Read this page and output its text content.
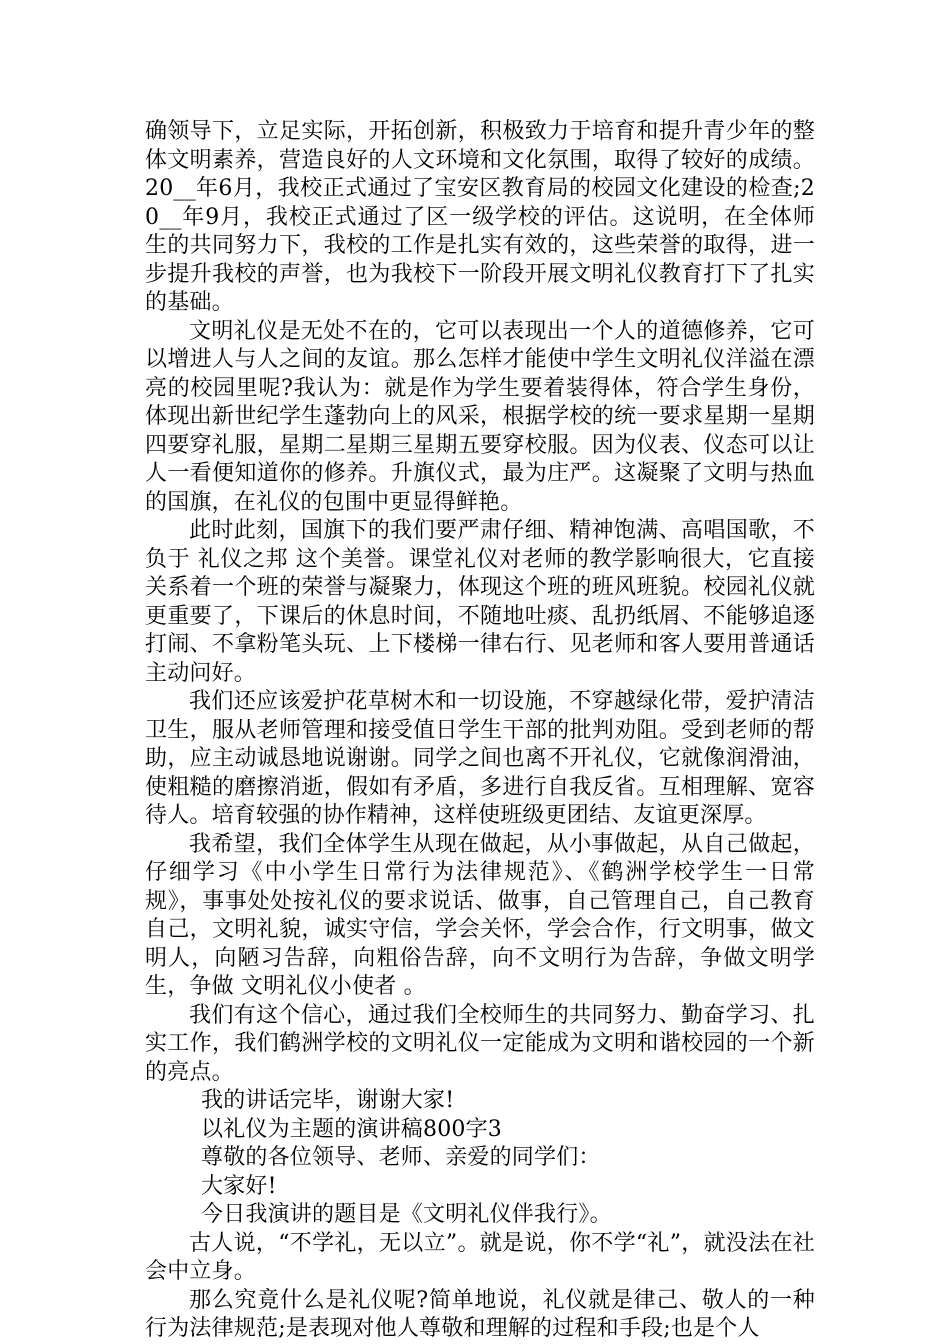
确领导下，立足实际，开拓创新，积极致力于培育和提升青少年的整体文明素养，营造良好的人文环境和文化氛围，取得了较好的成绩。20__年6月，我校正式通过了宝安区教育局的校园文化建设的检查;20__年9月，我校正式通过了区一级学校的评估。这说明，在全体师生的共同努力下，我校的工作是扎实有效的，这些荣誉的取得，进一步提升我校的声誉，也为我校下一阶段开展文明礼仪教育打下了扎实的基础。

文明礼仪是无处不在的，它可以表现出一个人的道德修养，它可以增进人与人之间的友谊。那么怎样才能使中学生文明礼仪洋溢在漂亮的校园里呢?我认为：就是作为学生要着装得体，符合学生身份，体现出新世纪学生蓬勃向上的风采，根据学校的统一要求星期一星期四要穿礼服，星期二星期三星期五要穿校服。因为仪表、仪态可以让人一看便知道你的修养。升旗仪式，最为庄严。这凝聚了文明与热血的国旗，在礼仪的包围中更显得鲜艳。

此时此刻，国旗下的我们要严肃仔细、精神饱满、高唱国歌，不负于 礼仪之邦 这个美誉。课堂礼仪对老师的教学影响很大，它直接关系着一个班的荣誉与凝聚力，体现这个班的班风班貌。校园礼仪就更重要了，下课后的休息时间，不随地吐痰、乱扔纸屑、不能够追逐打闹、不拿粉笔头玩、上下楼梯一律右行、见老师和客人要用普通话主动问好。

我们还应该爱护花草树木和一切设施，不穿越绿化带，爱护清洁卫生，服从老师管理和接受值日学生干部的批判劝阻。受到老师的帮助，应主动诚恳地说谢谢。同学之间也离不开礼仪，它就像润滑油，使粗糙的磨擦消逝，假如有矛盾，多进行自我反省。互相理解、宽容待人。培育较强的协作精神，这样使班级更团结、友谊更深厚。

我希望，我们全体学生从现在做起，从小事做起，从自己做起，仔细学习《中小学生日常行为法律规范》、《鹤洲学校学生一日常规》，事事处处按礼仪的要求说话、做事，自己管理自己，自己教育自己，文明礼貌，诚实守信，学会关怀，学会合作，行文明事，做文明人，向陋习告辞，向粗俗告辞，向不文明行为告辞，争做文明学生，争做 文明礼仪小使者 。

我们有这个信心，通过我们全校师生的共同努力、勤奋学习、扎实工作，我们鹤洲学校的文明礼仪一定能成为文明和谐校园的一个新的亮点。

我的讲话完毕，谢谢大家!

以礼仪为主题的演讲稿800字3

尊敬的各位领导、老师、亲爱的同学们：

大家好!

今日我演讲的题目是《文明礼仪伴我行》。

古人说，“不学礼，无以立”。就是说，你不学“礼”，就没法在社会中立身。

那么究竟什么是礼仪呢?简单地说，礼仪就是律己、敬人的一种行为法律规范;是表现对他人尊敬和理解的过程和手段;也是个人
